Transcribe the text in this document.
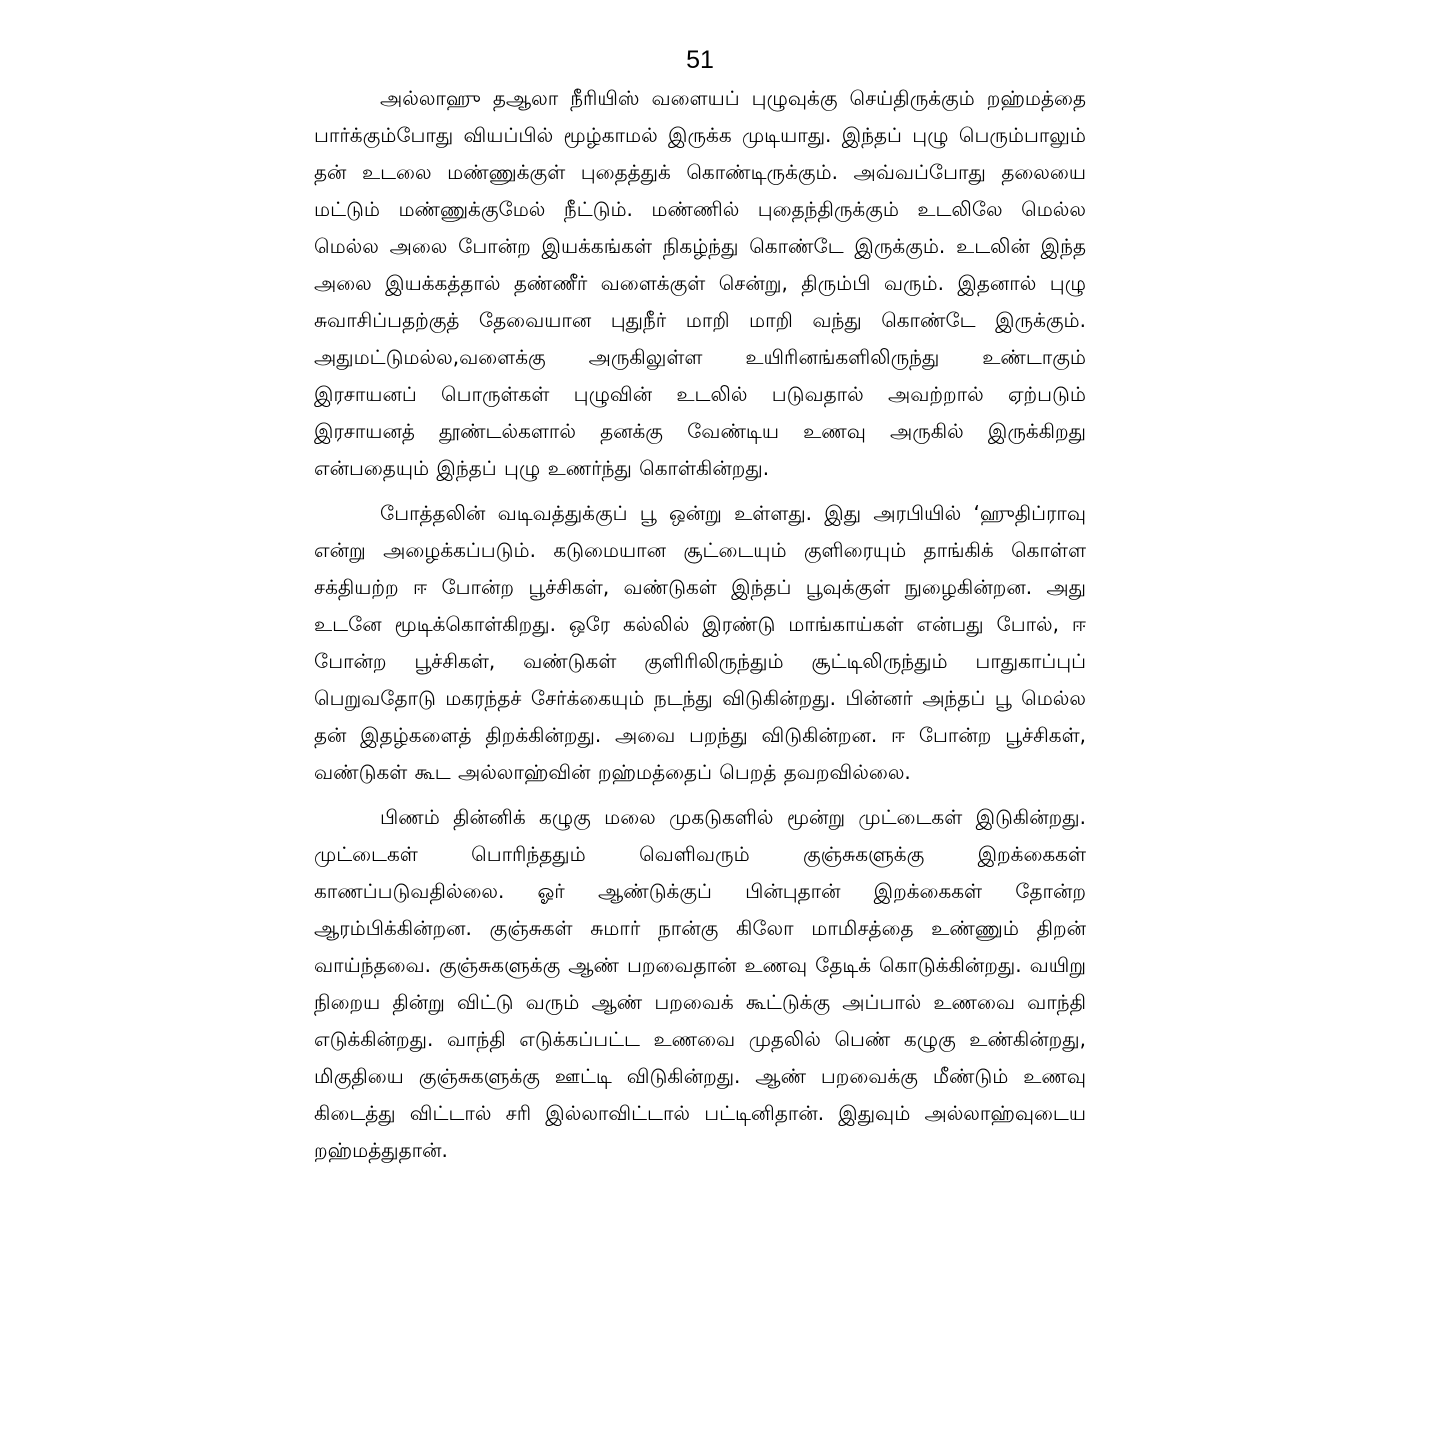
51

அல்லாஹு தஆலா நீரியிஸ் வளையப் புழுவுக்கு செய்திருக்கும் றஹ்மத்தை பார்க்கும்போது வியப்பில் மூழ்காமல் இருக்க முடியாது. இந்தப் புழு பெரும்பாலும் தன் உடலை மண்ணுக்குள் புதைத்துக் கொண்டிருக்கும். அவ்வப்போது தலையை மட்டும் மண்ணுக்குமேல் நீட்டும். மண்ணில் புதைந்திருக்கும் உடலிலே மெல்ல மெல்ல அலை போன்ற இயக்கங்கள் நிகழ்ந்து கொண்டே இருக்கும். உடலின் இந்த அலை இயக்கத்தால் தண்ணீர் வளைக்குள் சென்று, திரும்பி வரும். இதனால் புழு சுவாசிப்பதற்குத் தேவையான புதுநீர் மாறி மாறி வந்து கொண்டே இருக்கும். அதுமட்டுமல்ல,வளைக்கு அருகிலுள்ள உயிரினங்களிலிருந்து உண்டாகும் இரசாயனப் பொருள்கள் புழுவின் உடலில் படுவதால் அவற்றால் ஏற்படும் இரசாயனத் தூண்டல்களால் தனக்கு வேண்டிய உணவு அருகில் இருக்கிறது என்பதையும் இந்தப் புழு உணர்ந்து கொள்கின்றது.

போத்தலின் வடிவத்துக்குப் பூ ஒன்று உள்ளது. இது அரபியில் ‘ஹுதிப்ராவு என்று அழைக்கப்படும். கடுமையான சூட்டையும் குளிரையும் தாங்கிக் கொள்ள சக்தியற்ற ஈ போன்ற பூச்சிகள், வண்டுகள் இந்தப் பூவுக்குள் நுழைகின்றன. அது உடனே மூடிக்கொள்கிறது. ஒரே கல்லில் இரண்டு மாங்காய்கள் என்பது போல், ஈ போன்ற பூச்சிகள், வண்டுகள் குளிரிலிருந்தும் சூட்டிலிருந்தும் பாதுகாப்புப் பெறுவதோடு மகரந்தச் சேர்க்கையும் நடந்து விடுகின்றது. பின்னர் அந்தப் பூ மெல்ல தன் இதழ்களைத் திறக்கின்றது. அவை பறந்து விடுகின்றன. ஈ போன்ற பூச்சிகள், வண்டுகள் கூட அல்லாஹ்வின் றஹ்மத்தைப் பெறத் தவறவில்லை.

பிணம் தின்னிக் கழுகு மலை முகடுகளில் மூன்று முட்டைகள் இடுகின்றது. முட்டைகள் பொரிந்ததும் வெளிவரும் குஞ்சுகளுக்கு இறக்கைகள் காணப்படுவதில்லை. ஓர் ஆண்டுக்குப் பின்புதான் இறக்கைகள் தோன்ற ஆரம்பிக்கின்றன. குஞ்சுகள் சுமார் நான்கு கிலோ மாமிசத்தை உண்ணும் திறன் வாய்ந்தவை. குஞ்சுகளுக்கு ஆண் பறவைதான் உணவு தேடிக் கொடுக்கின்றது. வயிறு நிறைய தின்று விட்டு வரும் ஆண் பறவைக் கூட்டுக்கு அப்பால் உணவை வாந்தி எடுக்கின்றது. வாந்தி எடுக்கப்பட்ட உணவை முதலில் பெண் கழுகு உண்கின்றது, மிகுதியை குஞ்சுகளுக்கு ஊட்டி விடுகின்றது. ஆண் பறவைக்கு மீண்டும் உணவு கிடைத்து விட்டால் சரி இல்லாவிட்டால் பட்டினிதான். இதுவும் அல்லாஹ்வுடைய றஹ்மத்துதான்.
